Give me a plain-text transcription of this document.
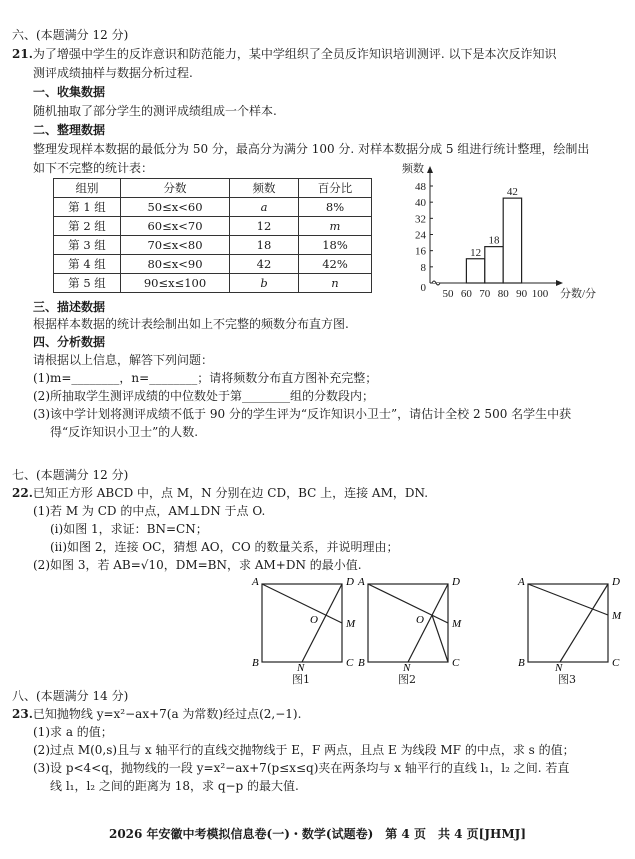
六、(本题满分 12 分)
21.为了增强中学生的反诈意识和防范能力，某中学组织了全员反诈知识培训测评. 以下是本次反诈知识
测评成绩抽样与数据分析过程.
一、收集数据
随机抽取了部分学生的测评成绩组成一个样本.
二、整理数据
整理发现样本数据的最低分为 50 分，最高分为满分 100 分. 对样本数据分成 5 组进行统计整理，绘制出
如下不完整的统计表：
组别	分数	频数	百分比
第 1 组	50≤x<60	a	8%
第 2 组	60≤x<70	12	m
第 3 组	70≤x<80	18	18%
第 4 组	80≤x<90	42	42%
第 5 组	90≤x≤100	b	n	0
8
16
24
32
40
48
50 60 70 80 90 100 分数/分
频数
12
18
42
三、描述数据
根据样本数据的统计表绘制出如上不完整的频数分布直方图.
四、分析数据
请根据以上信息，解答下列问题：
(1)m=________，n=________；请将频数分布直方图补充完整；
(2)所抽取学生测评成绩的中位数处于第________组的分数段内；
(3)该中学计划将测评成绩不低于 90 分的学生评为“反诈知识小卫士”，请估计全校 2 500 名学生中获
得“反诈知识小卫士”的人数.
七、(本题满分 12 分)
22.已知正方形 ABCD 中，点 M，N 分别在边 CD，BC 上，连接 AM，DN.
(1)若 M 为 CD 的中点，AM⊥DN 于点 O.
(ⅰ)如图 1，求证：BN=CN；
(ⅱ)如图 2，连接 OC，猜想 AO，CO 的数量关系，并说明理由；
(2)如图 3，若 AB=√10，DM=BN，求 AM+DN 的最小值.
A	D
B	C
M
N
O
图1
A	D
B	C
M
N
O
图2
A	D
B	C
M
N
图3
八、(本题满分 14 分)
23.已知抛物线 y=x²−ax+7(a 为常数)经过点(2,−1).
(1)求 a 的值；
(2)过点 M(0,s)且与 x 轴平行的直线交抛物线于 E，F 两点，且点 E 为线段 MF 的中点，求 s 的值；
(3)设 p<4<q，抛物线的一段 y=x²−ax+7(p≤x≤q)夹在两条均与 x 轴平行的直线 l₁，l₂ 之间. 若直
线 l₁，l₂ 之间的距离为 18，求 q−p 的最大值.
2026 年安徽中考模拟信息卷(一)・数学(试题卷)　第 4 页　共 4 页[JHMJ]
